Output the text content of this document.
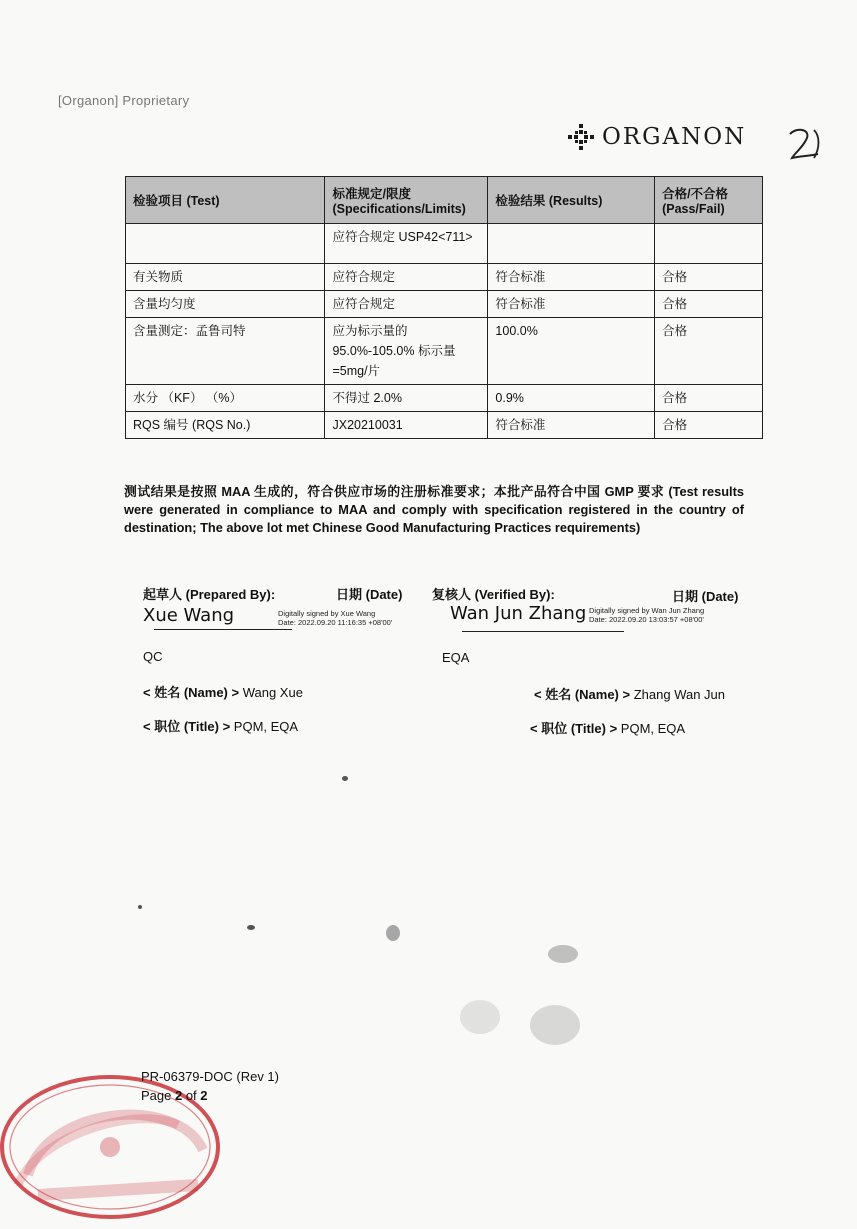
[Organon] Proprietary
ORGANON
检验项目 (Test)	标准规定/限度 (Specifications/Limits)	检验结果 (Results)	合格/不合格 (Pass/Fail)
	应符合规定 USP42<711>		
有关物质	应符合规定	符合标准	合格
含量均匀度	应符合规定	符合标准	合格
含量测定：孟鲁司特	应为标示量的 95.0%-105.0% 标示量=5mg/片	100.0%	合格
水分 （KF） （%）	不得过 2.0%	0.9%	合格
RQS 编号 (RQS No.)	JX20210031	符合标准	合格
测试结果是按照 MAA 生成的，符合供应市场的注册标准要求；本批产品符合中国 GMP 要求 (Test results were generated in compliance to MAA and comply with specification registered in the country of destination; The above lot met Chinese Good Manufacturing Practices requirements)
起草人 (Prepared By):	日期 (Date)
Xue Wang	Digitally signed by Xue Wang
Date: 2022.09.20 11:16:35 +08'00'
QC
< 姓名 (Name) > Wang Xue
< 职位 (Title) > PQM, EQA
复核人 (Verified By):	日期 (Date)
Wan Jun Zhang Digitally signed by Wan Jun Zhang
Date: 2022.09.20 13:03:57 +08'00'
EQA
< 姓名 (Name) > Zhang Wan Jun
< 职位 (Title) > PQM, EQA
PR-06379-DOC (Rev 1)
Page 2 of 2
